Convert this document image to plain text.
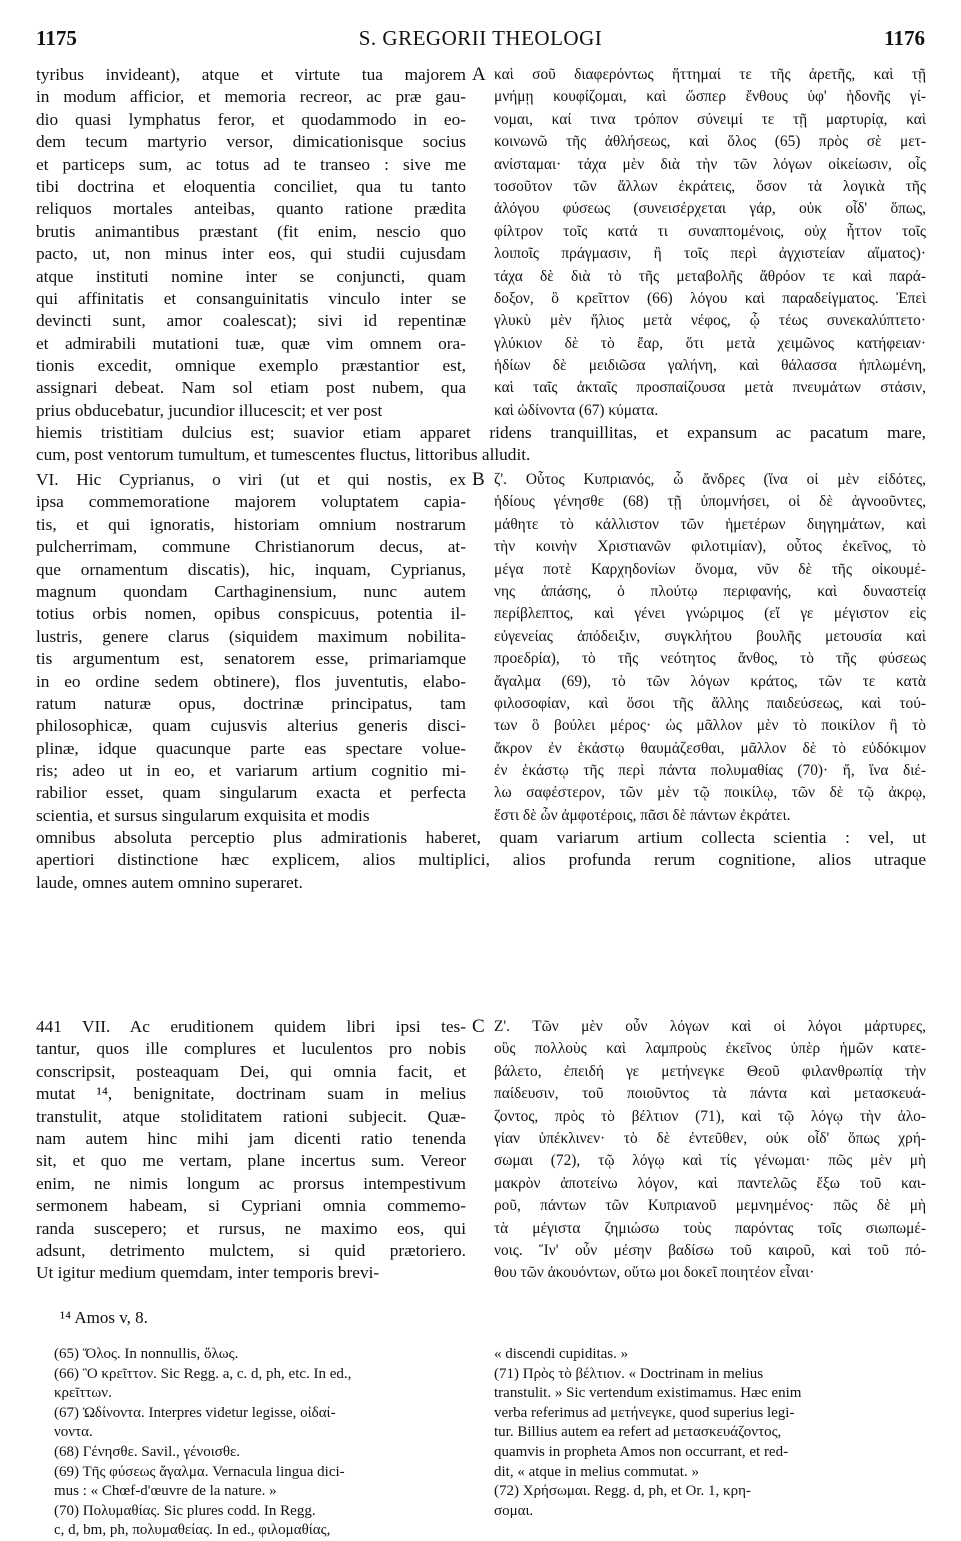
1175	S. GREGORII THEOLOGI	1176
tyribus invideant), atque et virtute tua majorem
in modum afficior, et memoria recreor, ac præ gau-
dio quasi lymphatus feror, et quodammodo in eo-
dem tecum martyrio versor, dimicationisque socius
et particeps sum, ac totus ad te transeo : sive me
tibi doctrina et eloquentia conciliet, qua tu tanto
reliquos mortales anteibas, quanto ratione prædita
brutis animantibus præstant (fit enim, nescio quo
pacto, ut, non minus inter eos, qui studii cujusdam
atque instituti nomine inter se conjuncti, quam
qui affinitatis et consanguinitatis vinculo inter se
devincti sunt, amor coalescat); sivi id repentinæ
et admirabili mutationi tuæ, quæ vim omnem ora-
tionis excedit, omnique exemplo præstantior est,
assignari debeat. Nam sol etiam post nubem, qua
prius obducebatur, jucundior illucescit; et ver post
A καὶ σοῦ διαφερόντως ἥττημαί τε τῆς ἀρετῆς, καὶ τῇ
μνήμῃ κουφίζομαι, καὶ ὥσπερ ἔνθους ὑφ' ἡδονῆς γί-
νομαι, καί τινα τρόπον σύνειμί τε τῇ μαρτυρίᾳ, καὶ
κοινωνῶ τῆς ἀθλήσεως, καὶ ὅλος (65) πρὸς σὲ μετ-
ανίσταμαι· τάχα μὲν διὰ τὴν τῶν λόγων οἰκείωσιν, οἷς
τοσοῦτον τῶν ἄλλων ἐκράτεις, ὅσον τὰ λογικὰ τῆς
ἀλόγου φύσεως (συνεισέρχεται γάρ, οὐκ οἶδ' ὅπως,
φίλτρον τοῖς κατά τι συναπτομένοις, οὐχ ἧττον τοῖς
λοιποῖς πράγμασιν, ἢ τοῖς περὶ ἀγχιστείαν αἵματος)·
τάχα δὲ διὰ τὸ τῆς μεταβολῆς ἄθρόον τε καὶ παρά-
δοξον, ὃ κρεῖττον (66) λόγου καὶ παραδείγματος. Ἐπεὶ
γλυκὺ μὲν ἥλιος μετὰ νέφος, ᾧ τέως συνεκαλύπτετο·
γλύκιον δὲ τὸ ἔαρ, ὅτι μετὰ χειμῶνος κατήφειαν·
ἡδίων δὲ μειδιῶσα γαλήνη, καὶ θάλασσα ἡπλωμένη,
καὶ ταῖς ἀκταῖς προσπαίζουσα μετὰ πνευμάτων στάσιν,
καὶ ὠδίνοντα (67) κύματα.
hiemis tristitiam dulcius est; suavior etiam apparet ridens tranquillitas, et expansum ac pacatum mare,
cum, post ventorum tumultum, et tumescentes fluctus, littoribus alludit.
VI. Hic Cyprianus, o viri (ut et qui nostis, ex
ipsa commemoratione majorem voluptatem capia-
tis, et qui ignoratis, historiam omnium nostrarum
pulcherrimam, commune Christianorum decus, at-
que ornamentum discatis), hic, inquam, Cyprianus,
magnum quondam Carthaginensium, nunc autem
totius orbis nomen, opibus conspicuus, potentia il-
lustris, genere clarus (siquidem maximum nobilita-
tis argumentum est, senatorem esse, primariamque
in eo ordine sedem obtinere), flos juventutis, elabo-
ratum naturæ opus, doctrinæ principatus, tam
philosophicæ, quam cujusvis alterius generis disci-
plinæ, idque quacunque parte eas spectare volue-
ris; adeo ut in eo, et variarum artium cognitio mi-
rabilior esset, quam singularum exacta et perfecta
scientia, et sursus singularum exquisita et modis
B ζ'. Οὗτος Κυπριανός, ὦ ἄνδρες (ἵνα οἱ μὲν εἰδότες,
ἡδίους γένησθε (68) τῇ ὑπομνήσει, οἱ δὲ ἀγνοοῦντες,
μάθητε τὸ κάλλιστον τῶν ἡμετέρων διηγημάτων, καὶ
τὴν κοινὴν Χριστιανῶν φιλοτιμίαν), οὗτος ἐκεῖνος, τὸ
μέγα ποτὲ Καρχηδονίων ὄνομα, νῦν δὲ τῆς οἰκουμέ-
νης ἁπάσης, ὁ πλούτῳ περιφανής, καὶ δυναστείᾳ
περίβλεπτος, καὶ γένει γνώριμος (εἴ γε μέγιστον εἰς
εὐγενείας ἀπόδειξιν, συγκλήτου βουλῆς μετουσία καὶ
προεδρία), τὸ τῆς νεότητος ἄνθος, τὸ τῆς φύσεως
ἄγαλμα (69), τὸ τῶν λόγων κράτος, τῶν τε κατὰ
φιλοσοφίαν, καὶ ὅσοι τῆς ἄλλης παιδεύσεως, καὶ τού-
των ὃ βούλει μέρος· ὡς μᾶλλον μὲν τὸ ποικίλον ἢ τὸ
ἄκρον ἐν ἑκάστῳ θαυμάζεσθαι, μᾶλλον δὲ τὸ εὐδόκιμον
ἐν ἑκάστῳ τῆς περὶ πάντα πολυμαθίας (70)· ἤ, ἵνα διέ-
λω σαφέστερον, τῶν μὲν τῷ ποικίλῳ, τῶν δὲ τῷ ἀκρῳ,
ἔστι δὲ ὧν ἀμφοτέροις, πᾶσι δὲ πάντων ἐκράτει.
omnibus absoluta perceptio plus admirationis haberet, quam variarum artium collecta scientia : vel, ut
apertiori distinctione hæc explicem, alios multiplici, alios profunda rerum cognitione, alios utraque
laude, omnes autem omnino superaret.
441 VII. Ac eruditionem quidem libri ipsi tes-
tantur, quos ille complures et luculentos pro nobis
conscripsit, posteaquam Dei, qui omnia facit, et
mutat ¹⁴, benignitate, doctrinam suam in melius
transtulit, atque stoliditatem rationi subjecit. Quæ-
nam autem hinc mihi jam dicenti ratio tenenda
sit, et quo me vertam, plane incertus sum. Vereor
enim, ne nimis longum ac prorsus intempestivum
sermonem habeam, si Cypriani omnia commemo-
randa suscepero; et rursus, ne maximo eos, qui
adsunt, detrimento mulctem, si quid prætoriero.
Ut igitur medium quemdam, inter temporis brevi-
C Ζ'. Τῶν μὲν οὖν λόγων καὶ οἱ λόγοι μάρτυρες,
οὓς πολλοὺς καὶ λαμπροὺς ἐκεῖνος ὑπὲρ ἡμῶν κατε-
βάλετο, ἐπειδή γε μετήνεγκε Θεοῦ φιλανθρωπίᾳ τὴν
παίδευσιν, τοῦ ποιοῦντος τὰ πάντα καὶ μετασκευά-
ζοντος, πρὸς τὸ βέλτιον (71), καὶ τῷ λόγῳ τὴν ἀλο-
γίαν ὑπέκλινεν· τὸ δὲ ἐντεῦθεν, οὐκ οἶδ' ὅπως χρή-
σωμαι (72), τῷ λόγῳ καὶ τίς γένωμαι· πῶς μὲν μὴ
μακρὸν ἀποτείνω λόγον, καὶ παντελῶς ἔξω τοῦ και-
ροῦ, πάντων τῶν Κυπριανοῦ μεμνημένος· πῶς δὲ μὴ
τὰ μέγιστα ζημιώσω τοὺς παρόντας τοῖς σιωπωμέ-
νοις. Ἵν' οὖν μέσην βαδίσω τοῦ καιροῦ, καὶ τοῦ πό-
θου τῶν ἀκουόντων, οὕτω μοι δοκεῖ ποιητέον εἶναι·
¹⁴ Amos v, 8.
(65) Ὅλος. In nonnullis, ὅλως.
(66) Ὃ κρεῖττον. Sic Regg. a, c. d, ph, etc. In ed.,
κρεῖττων.
(67) Ὠδίνοντα. Interpres videtur legisse, οἰδαί-
νοντα.
(68) Γένησθε. Savil., γένοισθε.
(69) Τῆς φύσεως ἄγαλμα. Vernacula lingua dici-
mus : « Chœf-d'œuvre de la nature. »
(70) Πολυμαθίας. Sic plures codd. In Regg.
c, d, bm, ph, πολυμαθείας. In ed., φιλομαθίας,
« discendi cupiditas. »
(71) Πρὸς τὸ βέλτιον. « Doctrinam in melius
transtulit. » Sic vertendum existimamus. Hæc enim
verba referimus ad μετήνεγκε, quod superius legi-
tur. Billius autem ea refert ad μετασκευάζοντος,
quamvis in propheta Amos non occurrant, et red-
dit, « atque in melius commutat. »
(72) Χρήσωμαι. Regg. d, ph, et Or. 1, κρη-
σομαι.
